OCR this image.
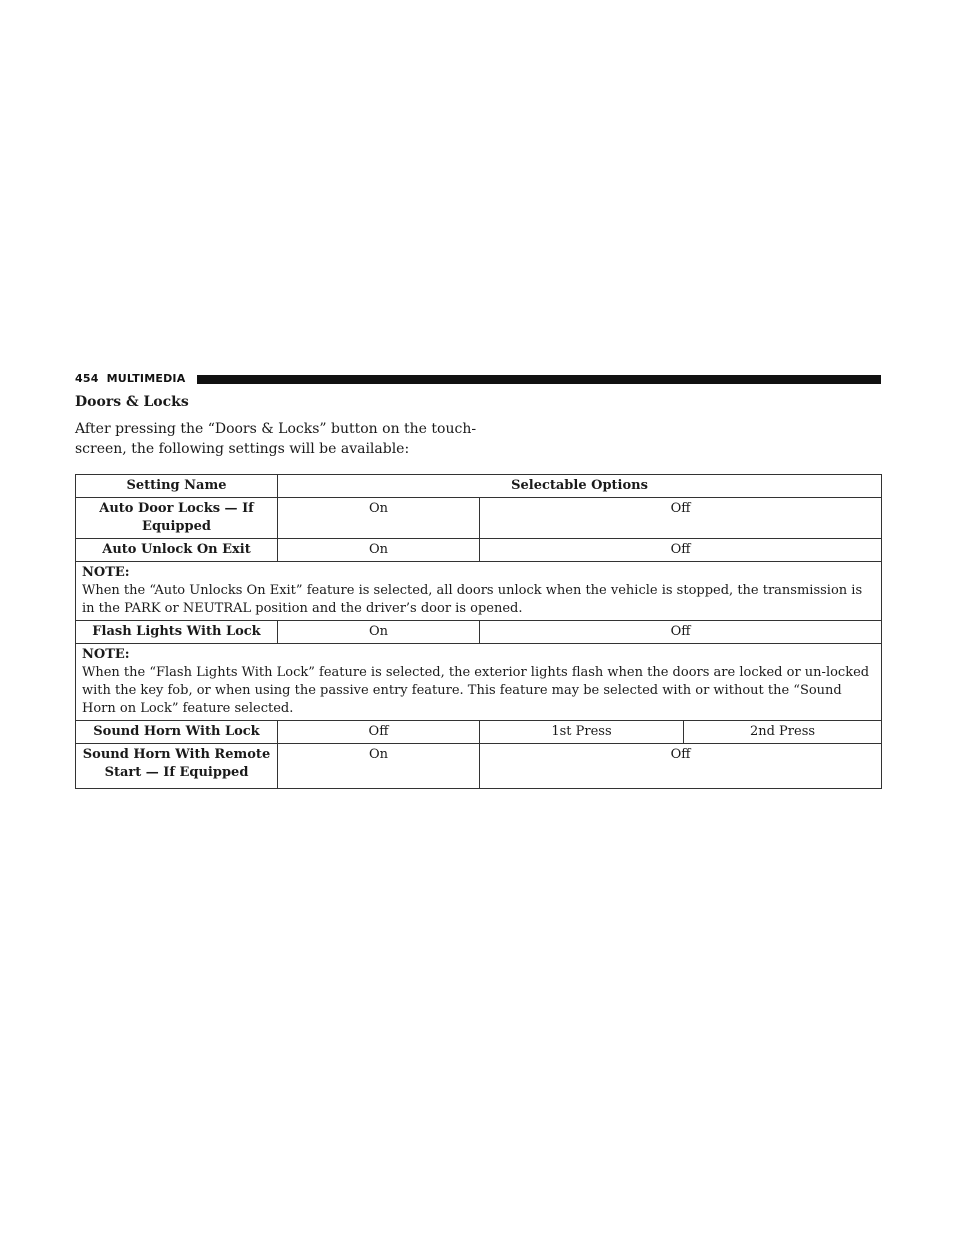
454 MULTIMEDIA
Doors & Locks

After pressing the “Doors & Locks” button on the touch-
screen, the following settings will be available:

Setting Name	Selectable Options		
Auto Door Locks — If Equipped	On	Off	
Auto Unlock On Exit	On	Off	

NOTE:
When the “Auto Unlocks On Exit” feature is selected, all doors unlock when the vehicle is stopped, the transmission is in the PARK or NEUTRAL position and the driver’s door is opened.			

Flash Lights With Lock	On	Off	

NOTE:
When the “Flash Lights With Lock” feature is selected, the exterior lights flash when the doors are locked or un-locked with the key fob, or when using the passive entry feature. This feature may be selected with or without the “Sound Horn on Lock” feature selected.			

Sound Horn With Lock	Off	1st Press	2nd Press
Sound Horn With Remote Start — If Equipped	On	Off	
